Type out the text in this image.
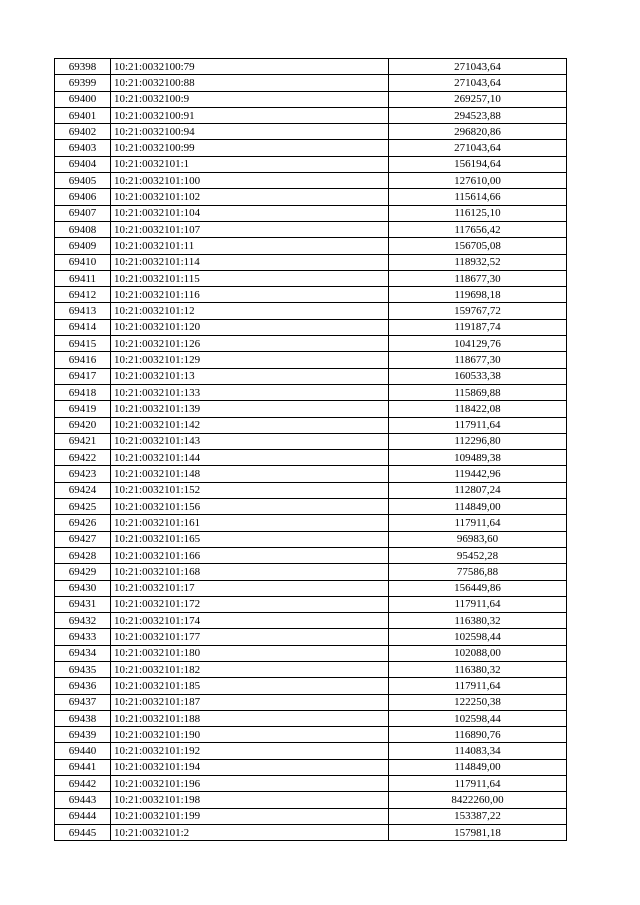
69398	10:21:0032100:79	271043,64
69399	10:21:0032100:88	271043,64
69400	10:21:0032100:9	269257,10
69401	10:21:0032100:91	294523,88
69402	10:21:0032100:94	296820,86
69403	10:21:0032100:99	271043,64
69404	10:21:0032101:1	156194,64
69405	10:21:0032101:100	127610,00
69406	10:21:0032101:102	115614,66
69407	10:21:0032101:104	116125,10
69408	10:21:0032101:107	117656,42
69409	10:21:0032101:11	156705,08
69410	10:21:0032101:114	118932,52
69411	10:21:0032101:115	118677,30
69412	10:21:0032101:116	119698,18
69413	10:21:0032101:12	159767,72
69414	10:21:0032101:120	119187,74
69415	10:21:0032101:126	104129,76
69416	10:21:0032101:129	118677,30
69417	10:21:0032101:13	160533,38
69418	10:21:0032101:133	115869,88
69419	10:21:0032101:139	118422,08
69420	10:21:0032101:142	117911,64
69421	10:21:0032101:143	112296,80
69422	10:21:0032101:144	109489,38
69423	10:21:0032101:148	119442,96
69424	10:21:0032101:152	112807,24
69425	10:21:0032101:156	114849,00
69426	10:21:0032101:161	117911,64
69427	10:21:0032101:165	96983,60
69428	10:21:0032101:166	95452,28
69429	10:21:0032101:168	77586,88
69430	10:21:0032101:17	156449,86
69431	10:21:0032101:172	117911,64
69432	10:21:0032101:174	116380,32
69433	10:21:0032101:177	102598,44
69434	10:21:0032101:180	102088,00
69435	10:21:0032101:182	116380,32
69436	10:21:0032101:185	117911,64
69437	10:21:0032101:187	122250,38
69438	10:21:0032101:188	102598,44
69439	10:21:0032101:190	116890,76
69440	10:21:0032101:192	114083,34
69441	10:21:0032101:194	114849,00
69442	10:21:0032101:196	117911,64
69443	10:21:0032101:198	8422260,00
69444	10:21:0032101:199	153387,22
69445	10:21:0032101:2	157981,18
